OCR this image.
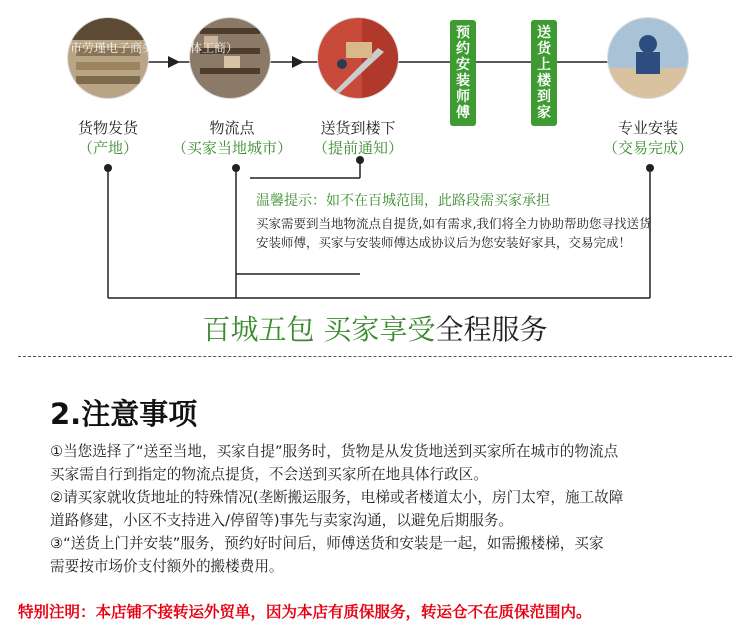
市劳瑾电子商务行（个体工商）
预
约
安
装
师
傅
送
货
上
楼
到
家
货物发货
（产地）
物流点
（买家当地城市）
送货到楼下
（提前通知）
专业安装
（交易完成）
温馨提示：如不在百城范围，此路段需买家承担
买家需要到当地物流点自提货,如有需求,我们将全力协助帮助您寻找送货安装师傅，买家与安装师傅达成协议后为您安装好家具，交易完成！
百城五包 买家享受全程服务
2.注意事项
①当您选择了“送至当地，买家自提”服务时，货物是从发货地送到买家所在城市的物流点
买家需自行到指定的物流点提货，不会送到买家所在地具体行政区。
②请买家就收货地址的特殊情况(垄断搬运服务，电梯或者楼道太小，房门太窄，施工故障
道路修建，小区不支持进入/停留等)事先与卖家沟通，以避免后期服务。
③“送货上门并安装”服务，预约好时间后，师傅送货和安装是一起，如需搬楼梯，买家
需要按市场价支付额外的搬楼费用。
特别注明：本店铺不接转运外贸单，因为本店有质保服务，转运仓不在质保范围内。
